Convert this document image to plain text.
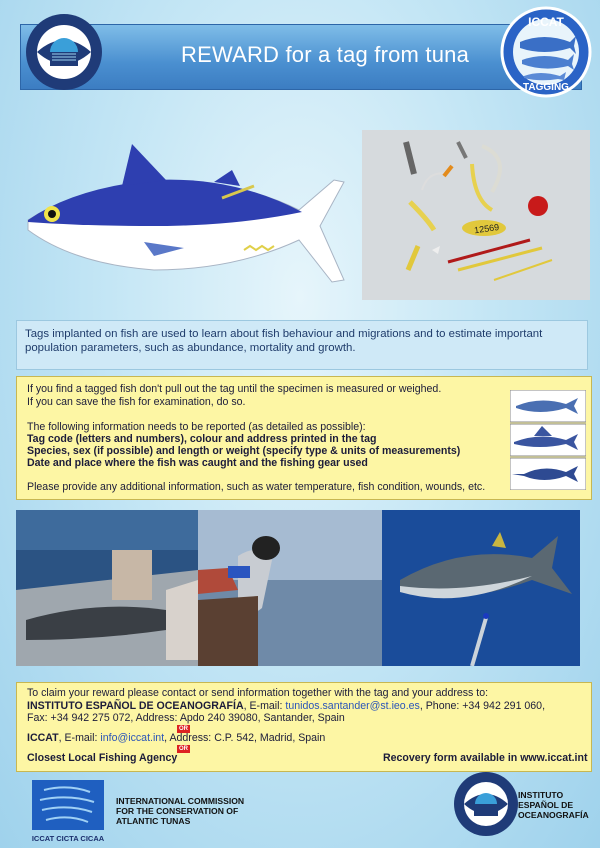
REWARD for a tag from tuna
ICCAT
TAGGING
12569
Tags implanted on fish are used to learn about fish behaviour and migrations and to estimate important
population parameters, such as abundance, mortality and growth.
If you find a tagged fish don't pull out the tag until the specimen is measured or weighed.
If you can save the fish for examination, do so.
The following information needs to be reported (as detailed as possible):
Tag code (letters and numbers), colour and address printed in the tag
Species, sex (if possible) and length or weight (specify type & units of measurements)
Date and place where the fish was caught and the fishing gear used
Please provide any additional information, such as water temperature, fish condition, wounds, etc.
To claim your reward please contact or send information together with the tag and your address to:
INSTITUTO ESPAÑOL DE OCEANOGRAFÍA, E-mail: tunidos.santander@st.ieo.es, Phone: +34 942 291 060,
Fax: +34 942 275 072, Address: Apdo 240 39080, Santander, Spain
OR
ICCAT, E-mail: info@iccat.int, Address: C.P. 542, Madrid, Spain
OR
Closest Local Fishing Agency	Recovery form available in www.iccat.int
ICCAT CICTA CICAA
INTERNATIONAL COMMISSION
FOR THE CONSERVATION OF
ATLANTIC TUNAS
INSTITUTO
ESPAÑOL DE
OCEANOGRAFÍA
